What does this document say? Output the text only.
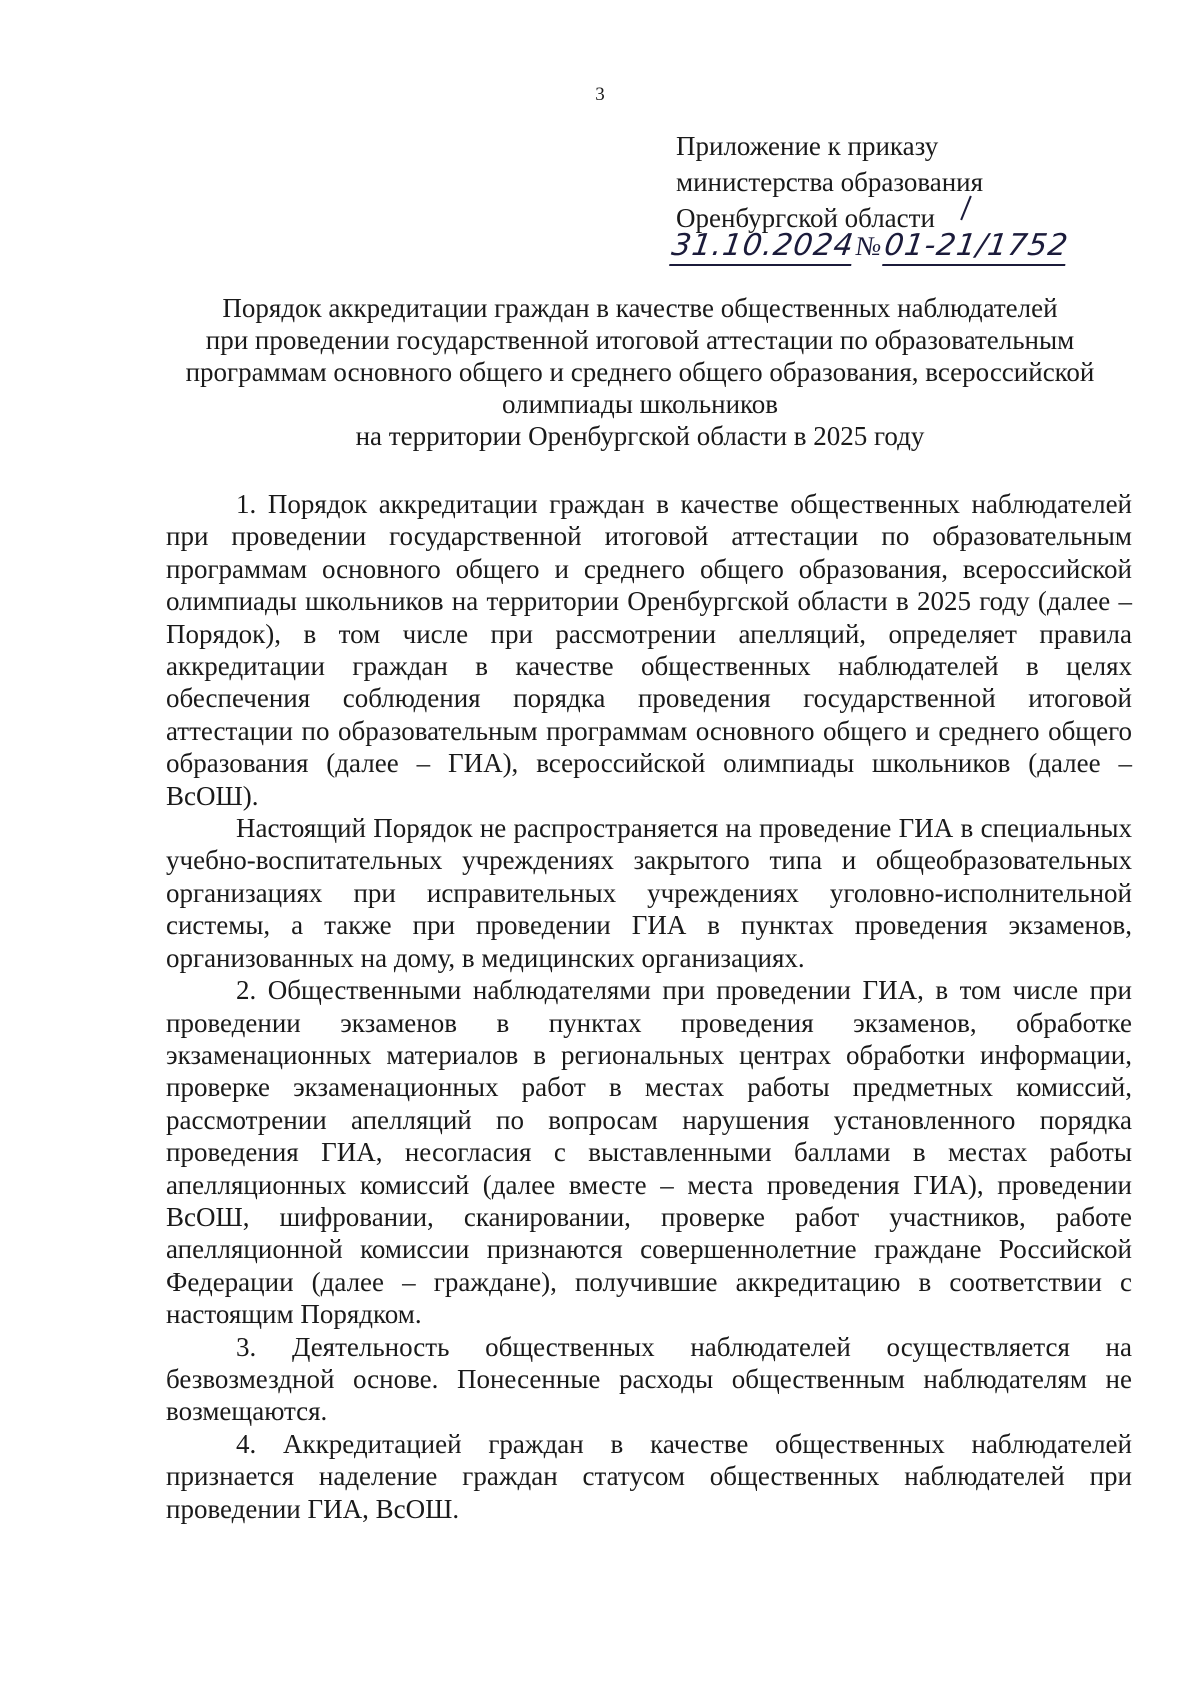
3
Приложение к приказу
министерства образования
Оренбургской области
31.10.2024№01-21/1752
Порядок аккредитации граждан в качестве общественных наблюдателей
при проведении государственной итоговой аттестации по образовательным
программам основного общего и среднего общего образования, всероссийской
олимпиады школьников
на территории Оренбургской области в 2025 году

1. Порядок аккредитации граждан в качестве общественных наблюдателей при проведении государственной итоговой аттестации по образовательным программам основного общего и среднего общего образования, всероссийской олимпиады школьников на территории Оренбургской области в 2025 году (далее – Порядок), в том числе при рассмотрении апелляций, определяет правила аккредитации граждан в качестве общественных наблюдателей в целях обеспечения соблюдения порядка проведения государственной итоговой аттестации по образовательным программам основного общего и среднего общего образования (далее – ГИА), всероссийской олимпиады школьников (далее – ВсОШ).

Настоящий Порядок не распространяется на проведение ГИА в специальных учебно-воспитательных учреждениях закрытого типа и общеобразовательных организациях при исправительных учреждениях уголовно-исполнительной системы, а также при проведении ГИА в пунктах проведения экзаменов, организованных на дому, в медицинских организациях.

2. Общественными наблюдателями при проведении ГИА, в том числе при проведении экзаменов в пунктах проведения экзаменов, обработке экзаменационных материалов в региональных центрах обработки информации, проверке экзаменационных работ в местах работы предметных комиссий, рассмотрении апелляций по вопросам нарушения установленного порядка проведения ГИА, несогласия с выставленными баллами в местах работы апелляционных комиссий (далее вместе – места проведения ГИА), проведении ВсОШ, шифровании, сканировании, проверке работ участников, работе апелляционной комиссии признаются совершеннолетние граждане Российской Федерации (далее – граждане), получившие аккредитацию в соответствии с настоящим Порядком.

3. Деятельность общественных наблюдателей осуществляется на безвозмездной основе. Понесенные расходы общественным наблюдателям не возмещаются.

4. Аккредитацией граждан в качестве общественных наблюдателей признается наделение граждан статусом общественных наблюдателей при проведении ГИА, ВсОШ.
